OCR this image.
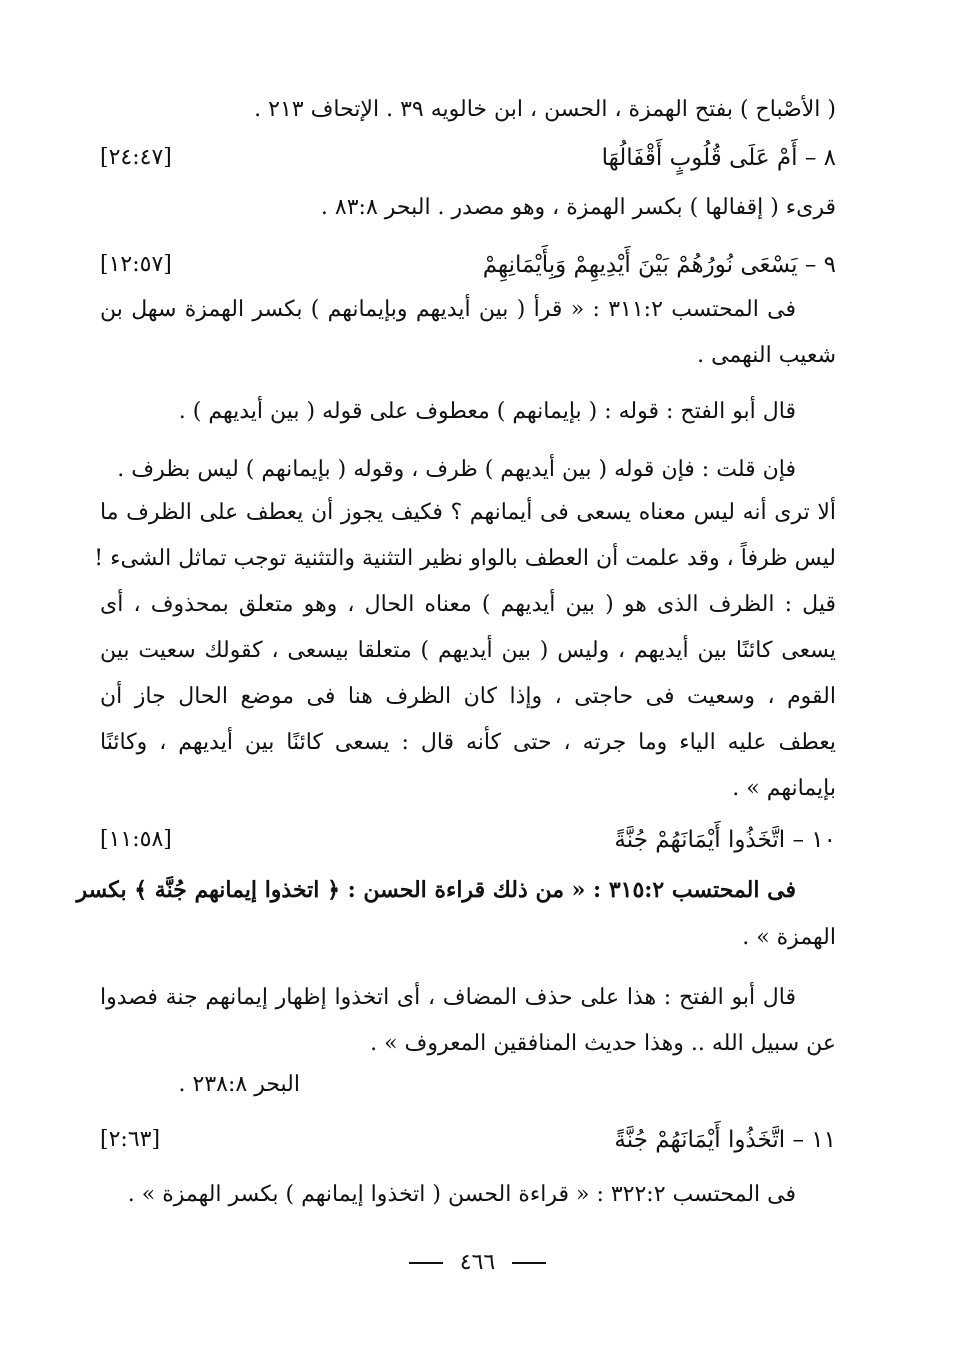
( الأصْباح ) بفتح الهمزة ، الحسن ، ابن خالويه ٣٩ . الإتحاف ٢١٣ .
٨ – أَمْ عَلَى قُلُوبٍ أَقْفَالُهَا
[٢٤:٤٧]
قرىء ( إقفالها ) بكسر الهمزة ، وهو مصدر . البحر ٨٣:٨ .
٩ – يَسْعَى نُورُهُمْ بَيْنَ أَيْدِيهِمْ وَبِأَيْمَانِهِمْ
[١٢:٥٧]
فى المحتسب ٣١١:٢ : « قرأ ( بين أيديهم وبإيمانهم ) بكسر الهمزة سهل بن
شعيب النهمى .
قال أبو الفتح : قوله : ( بإيمانهم ) معطوف على قوله ( بين أيديهم ) .
فإن قلت : فإن قوله ( بين أيديهم ) ظرف ، وقوله ( بإيمانهم ) ليس بظرف .
ألا ترى أنه ليس معناه يسعى فى أيمانهم ؟ فكيف يجوز أن يعطف على الظرف ما
ليس ظرفاً ، وقد علمت أن العطف بالواو نظير التثنية والتثنية توجب تماثل الشىء !
قيل : الظرف الذى هو ( بين أيديهم ) معناه الحال ، وهو متعلق بمحذوف ، أى
يسعى كائنًا بين أيديهم ، وليس ( بين أيديهم ) متعلقا بيسعى ، كقولك سعيت بين
القوم ، وسعيت فى حاجتى ، وإذا كان الظرف هنا فى موضع الحال جاز أن
يعطف عليه الياء وما جرته ، حتى كأنه قال : يسعى كائنًا بين أيديهم ، وكائنًا
بإيمانهم » .
١٠ – اتَّخَذُوا أَيْمَانَهُمْ جُنَّةً
[١١:٥٨]
فى المحتسب ٣١٥:٢ : « من ذلك قراءة الحسن : ﴿ اتخذوا إيمانهم جُنَّة ﴾ بكسر
الهمزة » .
قال أبو الفتح : هذا على حذف المضاف ، أى اتخذوا إظهار إيمانهم جنة فصدوا
عن سبيل الله .. وهذا حديث المنافقين المعروف » .
البحر ٢٣٨:٨ .
١١ – اتَّخَذُوا أَيْمَانَهُمْ جُنَّةً
[٢:٦٣]
فى المحتسب ٣٢٢:٢ : « قراءة الحسن ( اتخذوا إيمانهم ) بكسر الهمزة » .
٤٦٦
